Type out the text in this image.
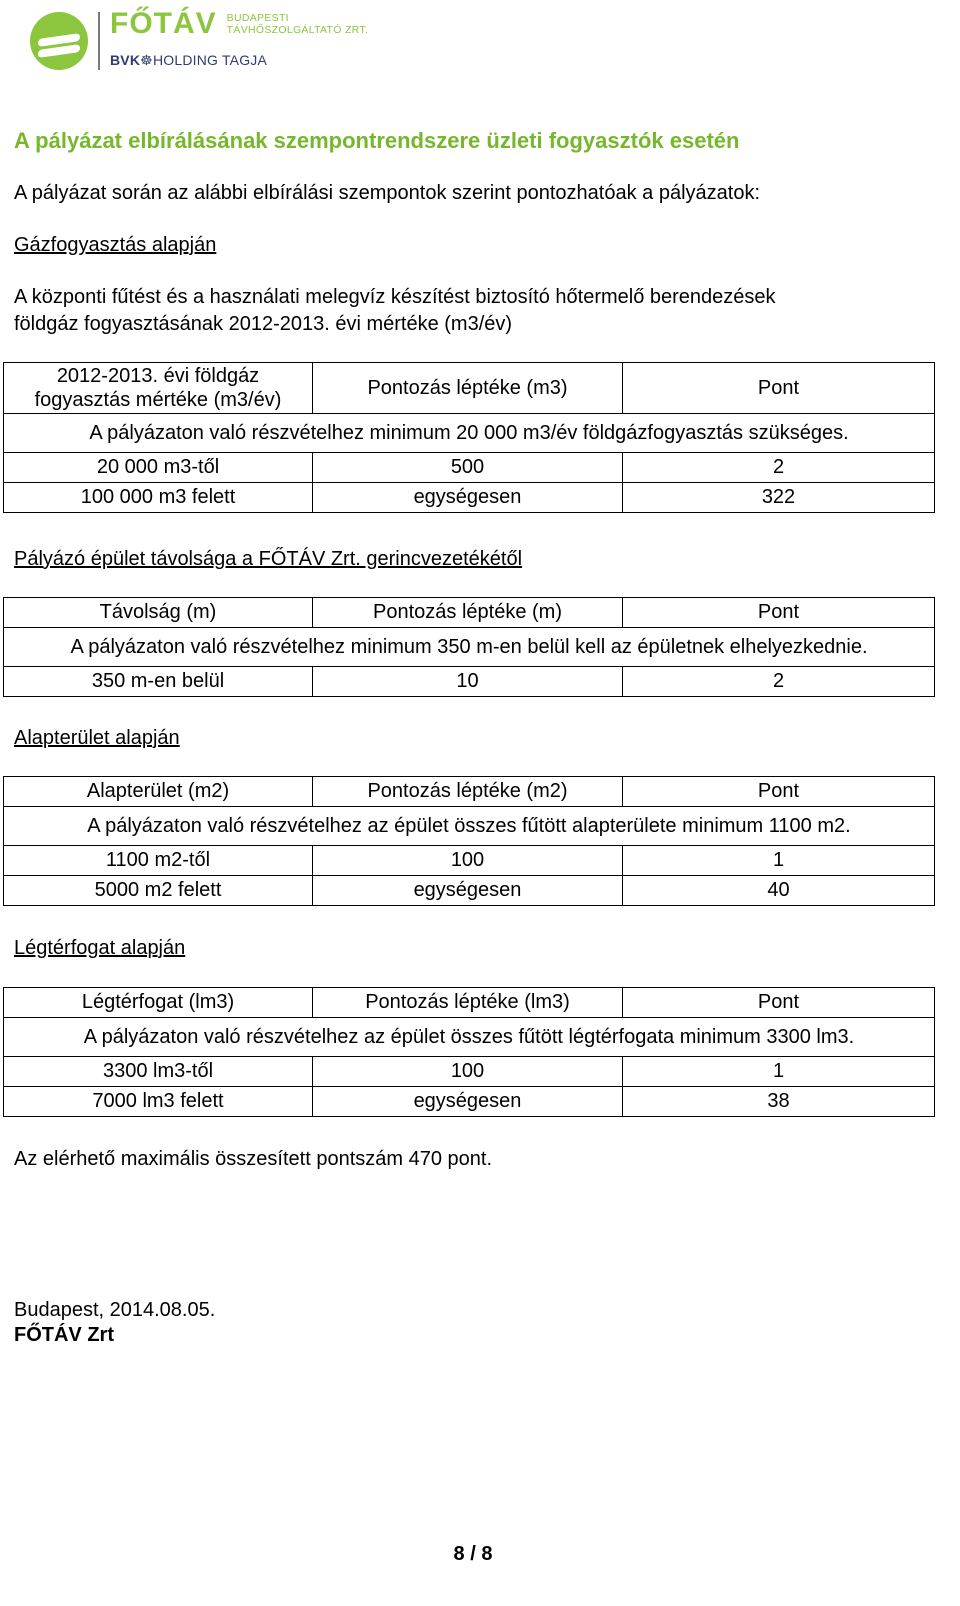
FŐTÁV BUDAPESTI
TÁVHŐSZOLGÁLTATÓ ZRT.
BVK☸HOLDING TAGJA
A pályázat elbírálásának szempontrendszere üzleti fogyasztók esetén
A pályázat során az alábbi elbírálási szempontok szerint pontozhatóak a pályázatok:
Gázfogyasztás alapján
A központi fűtést és a használati melegvíz készítést biztosító hőtermelő berendezések
földgáz fogyasztásának 2012-2013. évi mértéke (m3/év)
2012-2013. évi földgáz
fogyasztás mértéke (m3/év)	Pontozás léptéke (m3)	Pont
A pályázaton való részvételhez minimum 20 000 m3/év földgázfogyasztás szükséges.		
20 000 m3-től	500	2
100 000 m3 felett	egységesen	322
Pályázó épület távolsága a FŐTÁV Zrt. gerincvezetékétől
Távolság (m)	Pontozás léptéke (m)	Pont
A pályázaton való részvételhez minimum 350 m-en belül kell az épületnek elhelyezkednie.		
350 m-en belül	10	2
Alapterület alapján
Alapterület (m2)	Pontozás léptéke (m2)	Pont
A pályázaton való részvételhez az épület összes fűtött alapterülete minimum 1100 m2.		
1100 m2-től	100	1
5000 m2 felett	egységesen	40
Légtérfogat alapján
Légtérfogat (lm3)	Pontozás léptéke (lm3)	Pont
A pályázaton való részvételhez az épület összes fűtött légtérfogata minimum 3300 lm3.		
3300 lm3-től	100	1
7000 lm3 felett	egységesen	38
Az elérhető maximális összesített pontszám 470 pont.
Budapest, 2014.08.05.
FŐTÁV Zrt
8 / 8
